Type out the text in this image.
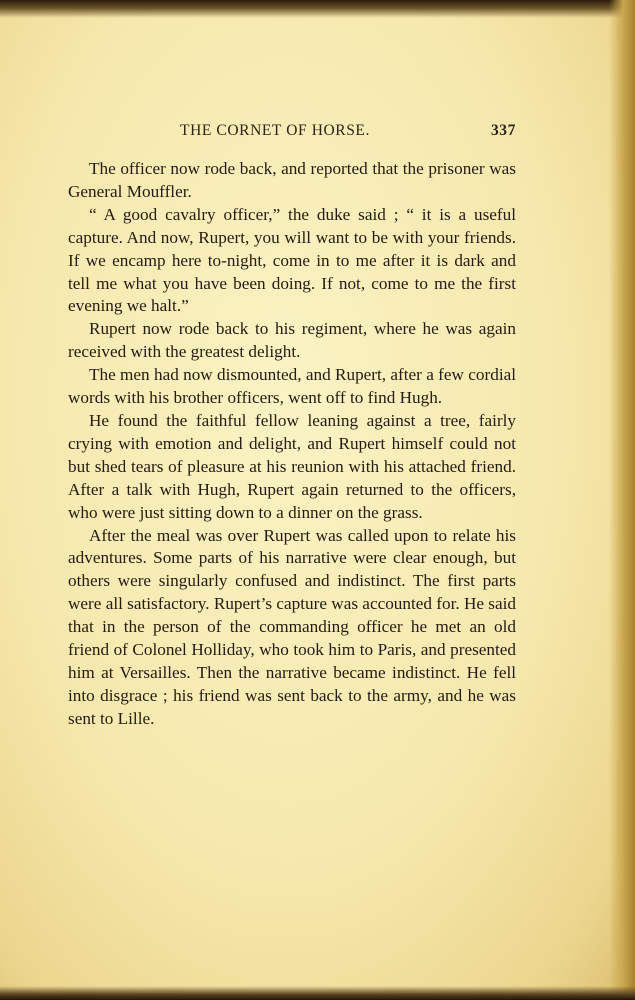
THE CORNET OF HORSE.	337

The officer now rode back, and reported that the prisoner was General Mouffler.

“ A good cavalry officer,” the duke said ; “ it is a useful capture. And now, Rupert, you will want to be with your friends. If we encamp here to-night, come in to me after it is dark and tell me what you have been doing. If not, come to me the first evening we halt.”

Rupert now rode back to his regiment, where he was again received with the greatest delight.

The men had now dismounted, and Rupert, after a few cordial words with his brother officers, went off to find Hugh.

He found the faithful fellow leaning against a tree, fairly crying with emotion and delight, and Rupert himself could not but shed tears of pleasure at his reunion with his attached friend. After a talk with Hugh, Rupert again returned to the officers, who were just sitting down to a dinner on the grass.

After the meal was over Rupert was called upon to relate his adventures. Some parts of his narrative were clear enough, but others were singularly confused and indistinct. The first parts were all satisfactory. Rupert’s capture was accounted for. He said that in the person of the commanding officer he met an old friend of Colonel Holliday, who took him to Paris, and presented him at Versailles. Then the narrative became indistinct. He fell into disgrace ; his friend was sent back to the army, and he was sent to Lille.
